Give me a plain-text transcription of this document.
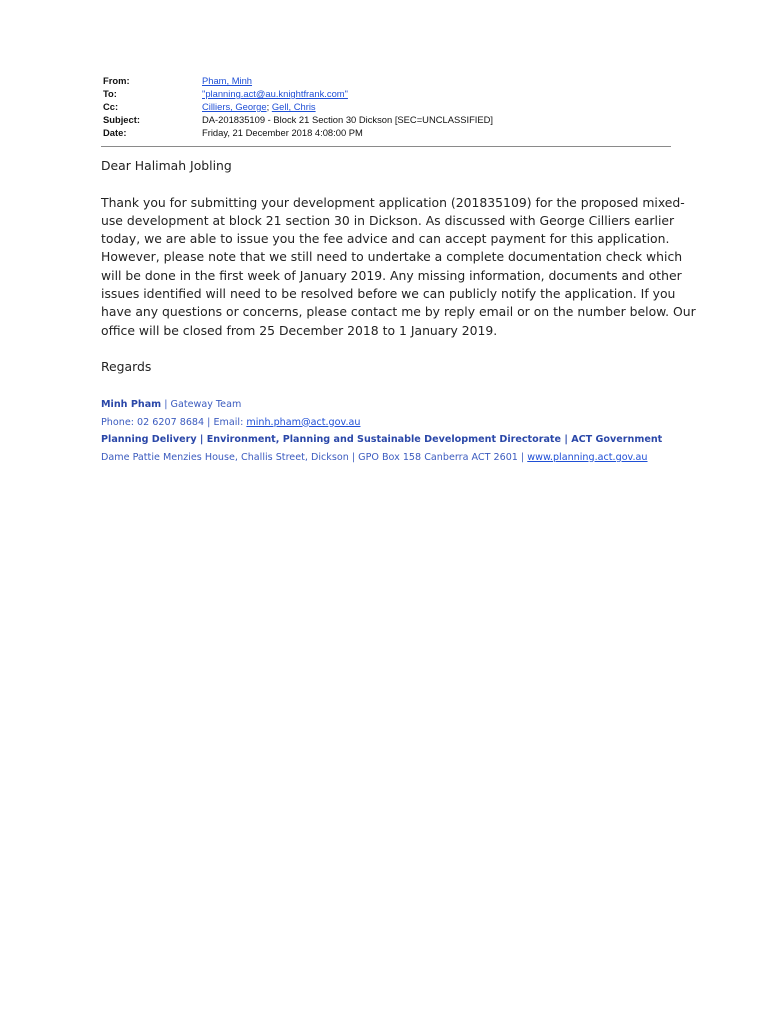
From:	Pham, Minh
To:	"planning.act@au.knightfrank.com"
Cc:	Cilliers, George; Gell, Chris
Subject:	DA-201835109 - Block 21 Section 30 Dickson [SEC=UNCLASSIFIED]
Date:	Friday, 21 December 2018 4:08:00 PM

Dear Halimah Jobling

Thank you for submitting your development application (201835109) for the proposed mixed-
use development at block 21 section 30 in Dickson. As discussed with George Cilliers earlier
today, we are able to issue you the fee advice and can accept payment for this application.
However, please note that we still need to undertake a complete documentation check which
will be done in the first week of January 2019. Any missing information, documents and other
issues identified will need to be resolved before we can publicly notify the application. If you
have any questions or concerns, please contact me by reply email or on the number below. Our
office will be closed from 25 December 2018 to 1 January 2019.

Regards

Minh Pham | Gateway Team
Phone: 02 6207 8684 | Email: minh.pham@act.gov.au
Planning Delivery | Environment, Planning and Sustainable Development Directorate | ACT Government
Dame Pattie Menzies House, Challis Street, Dickson | GPO Box 158 Canberra ACT 2601 | www.planning.act.gov.au
